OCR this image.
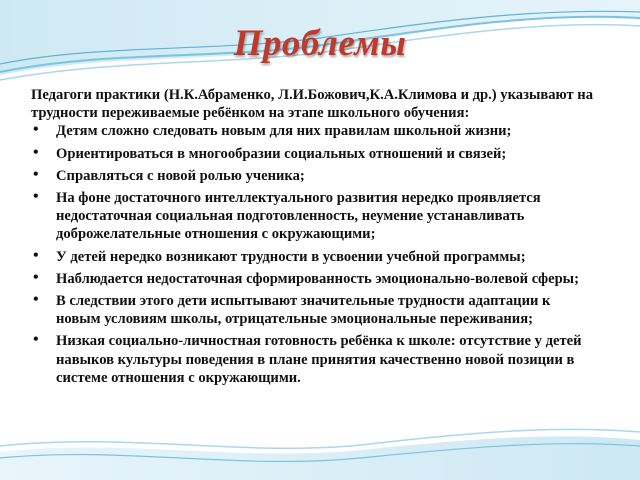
Проблемы

Педагоги практики (Н.К.Абраменко, Л.И.Божович,К.А.Климова и др.) указывают на трудности переживаемые ребёнком на этапе школьного обучения:

• Детям сложно следовать новым для них правилам школьной жизни;
• Ориентироваться в многообразии социальных отношений и связей;
• Справляться с новой ролью ученика;
• На фоне достаточного интеллектуального развития нередко проявляется недостаточная социальная подготовленность, неумение устанавливать доброжелательные отношения с окружающими;
• У детей нередко возникают трудности в усвоении учебной программы;
• Наблюдается недостаточная сформированность эмоционально-волевой сферы;
• В следствии этого дети испытывают значительные трудности адаптации к новым условиям школы, отрицательные эмоциональные переживания;
• Низкая социально-личностная готовность ребёнка к школе: отсутствие у детей навыков культуры поведения в плане принятия качественно новой позиции в системе отношения с окружающими.
